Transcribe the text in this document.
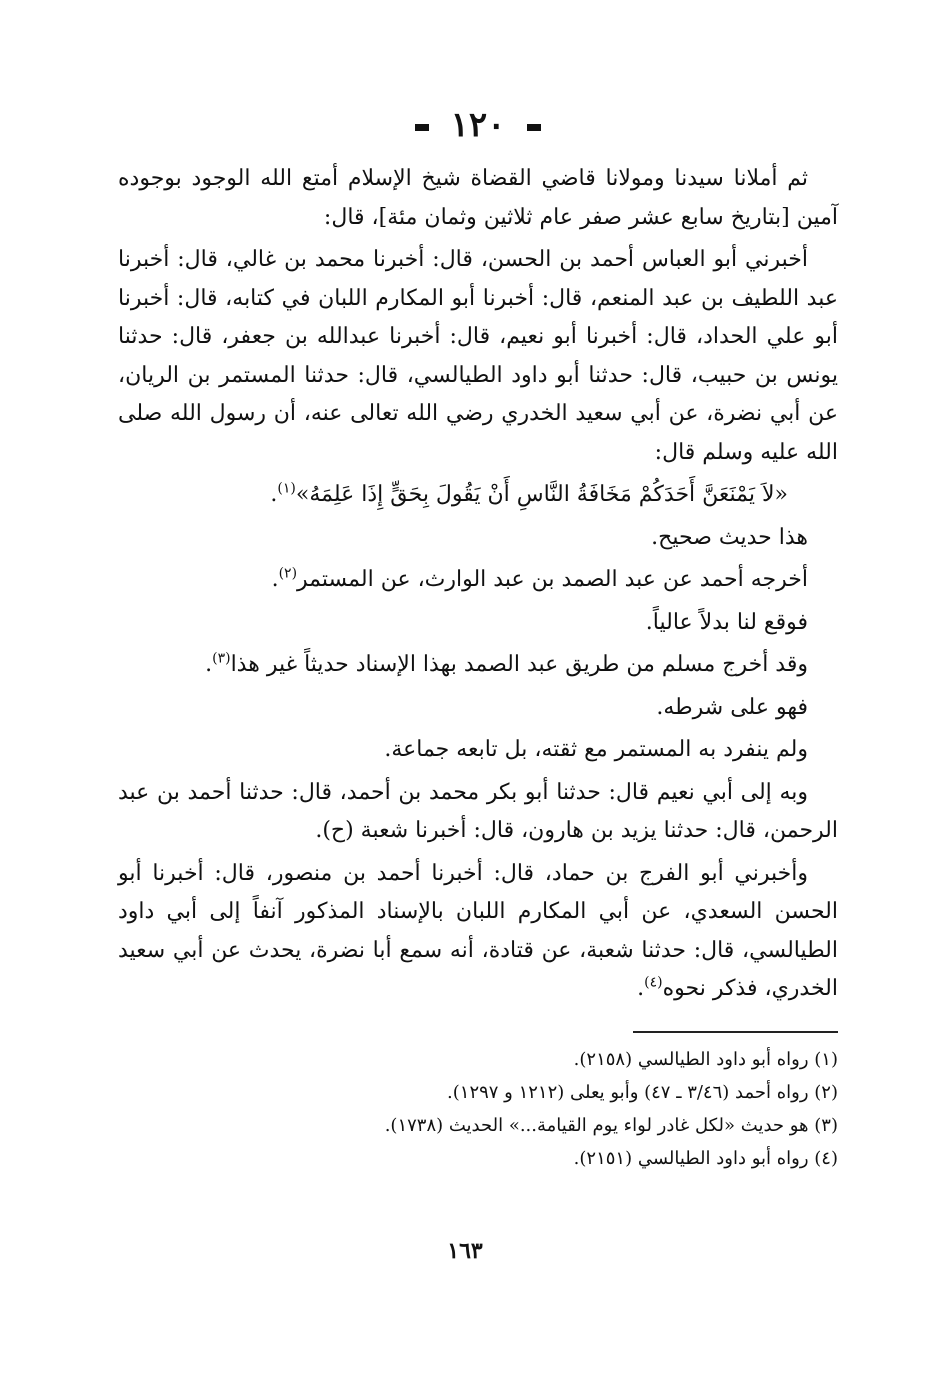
١٢٠

ثم أملانا سيدنا ومولانا قاضي القضاة شيخ الإسلام أمتع الله الوجود بوجوده آمين [بتاريخ سابع عشر صفر عام ثلاثين وثمان مئة]، قال:

أخبرني أبو العباس أحمد بن الحسن، قال: أخبرنا محمد بن غالي، قال: أخبرنا عبد اللطيف بن عبد المنعم، قال: أخبرنا أبو المكارم اللبان في كتابه، قال: أخبرنا أبو علي الحداد، قال: أخبرنا أبو نعيم، قال: أخبرنا عبدالله بن جعفر، قال: حدثنا يونس بن حبيب، قال: حدثنا أبو داود الطيالسي، قال: حدثنا المستمر بن الريان، عن أبي نضرة، عن أبي سعيد الخدري رضي الله تعالى عنه، أن رسول الله صلى الله عليه وسلم قال:

«لاَ يَمْنَعَنَّ أَحَدَكُمْ مَخَافَةُ النَّاسِ أَنْ يَقُولَ بِحَقٍّ إِذَا عَلِمَهُ»$^{(١)}$.

هذا حديث صحيح.

أخرجه أحمد عن عبد الصمد بن عبد الوارث، عن المستمر$^{(٢)}$.

فوقع لنا بدلاً عالياً.

وقد أخرج مسلم من طريق عبد الصمد بهذا الإسناد حديثاً غير هذا$^{(٣)}$.

فهو على شرطه.

ولم ينفرد به المستمر مع ثقته، بل تابعه جماعة.

وبه إلى أبي نعيم قال: حدثنا أبو بكر محمد بن أحمد، قال: حدثنا أحمد بن عبد الرحمن، قال: حدثنا يزيد بن هارون، قال: أخبرنا شعبة (ح).

وأخبرني أبو الفرج بن حماد، قال: أخبرنا أحمد بن منصور، قال: أخبرنا أبو الحسن السعدي، عن أبي المكارم اللبان بالإسناد المذكور آنفاً إلى أبي داود الطيالسي، قال: حدثنا شعبة، عن قتادة، أنه سمع أبا نضرة، يحدث عن أبي سعيد الخدري، فذكر نحوه$^{(٤)}$.

(١) رواه أبو داود الطيالسي (٢١٥٨).
(٢) رواه أحمد (٣/٤٦ ـ ٤٧) وأبو يعلى (١٢١٢ و ١٢٩٧).
(٣) هو حديث «لكل غادر لواء يوم القيامة...» الحديث (١٧٣٨).
(٤) رواه أبو داود الطيالسي (٢١٥١).
١٦٣
